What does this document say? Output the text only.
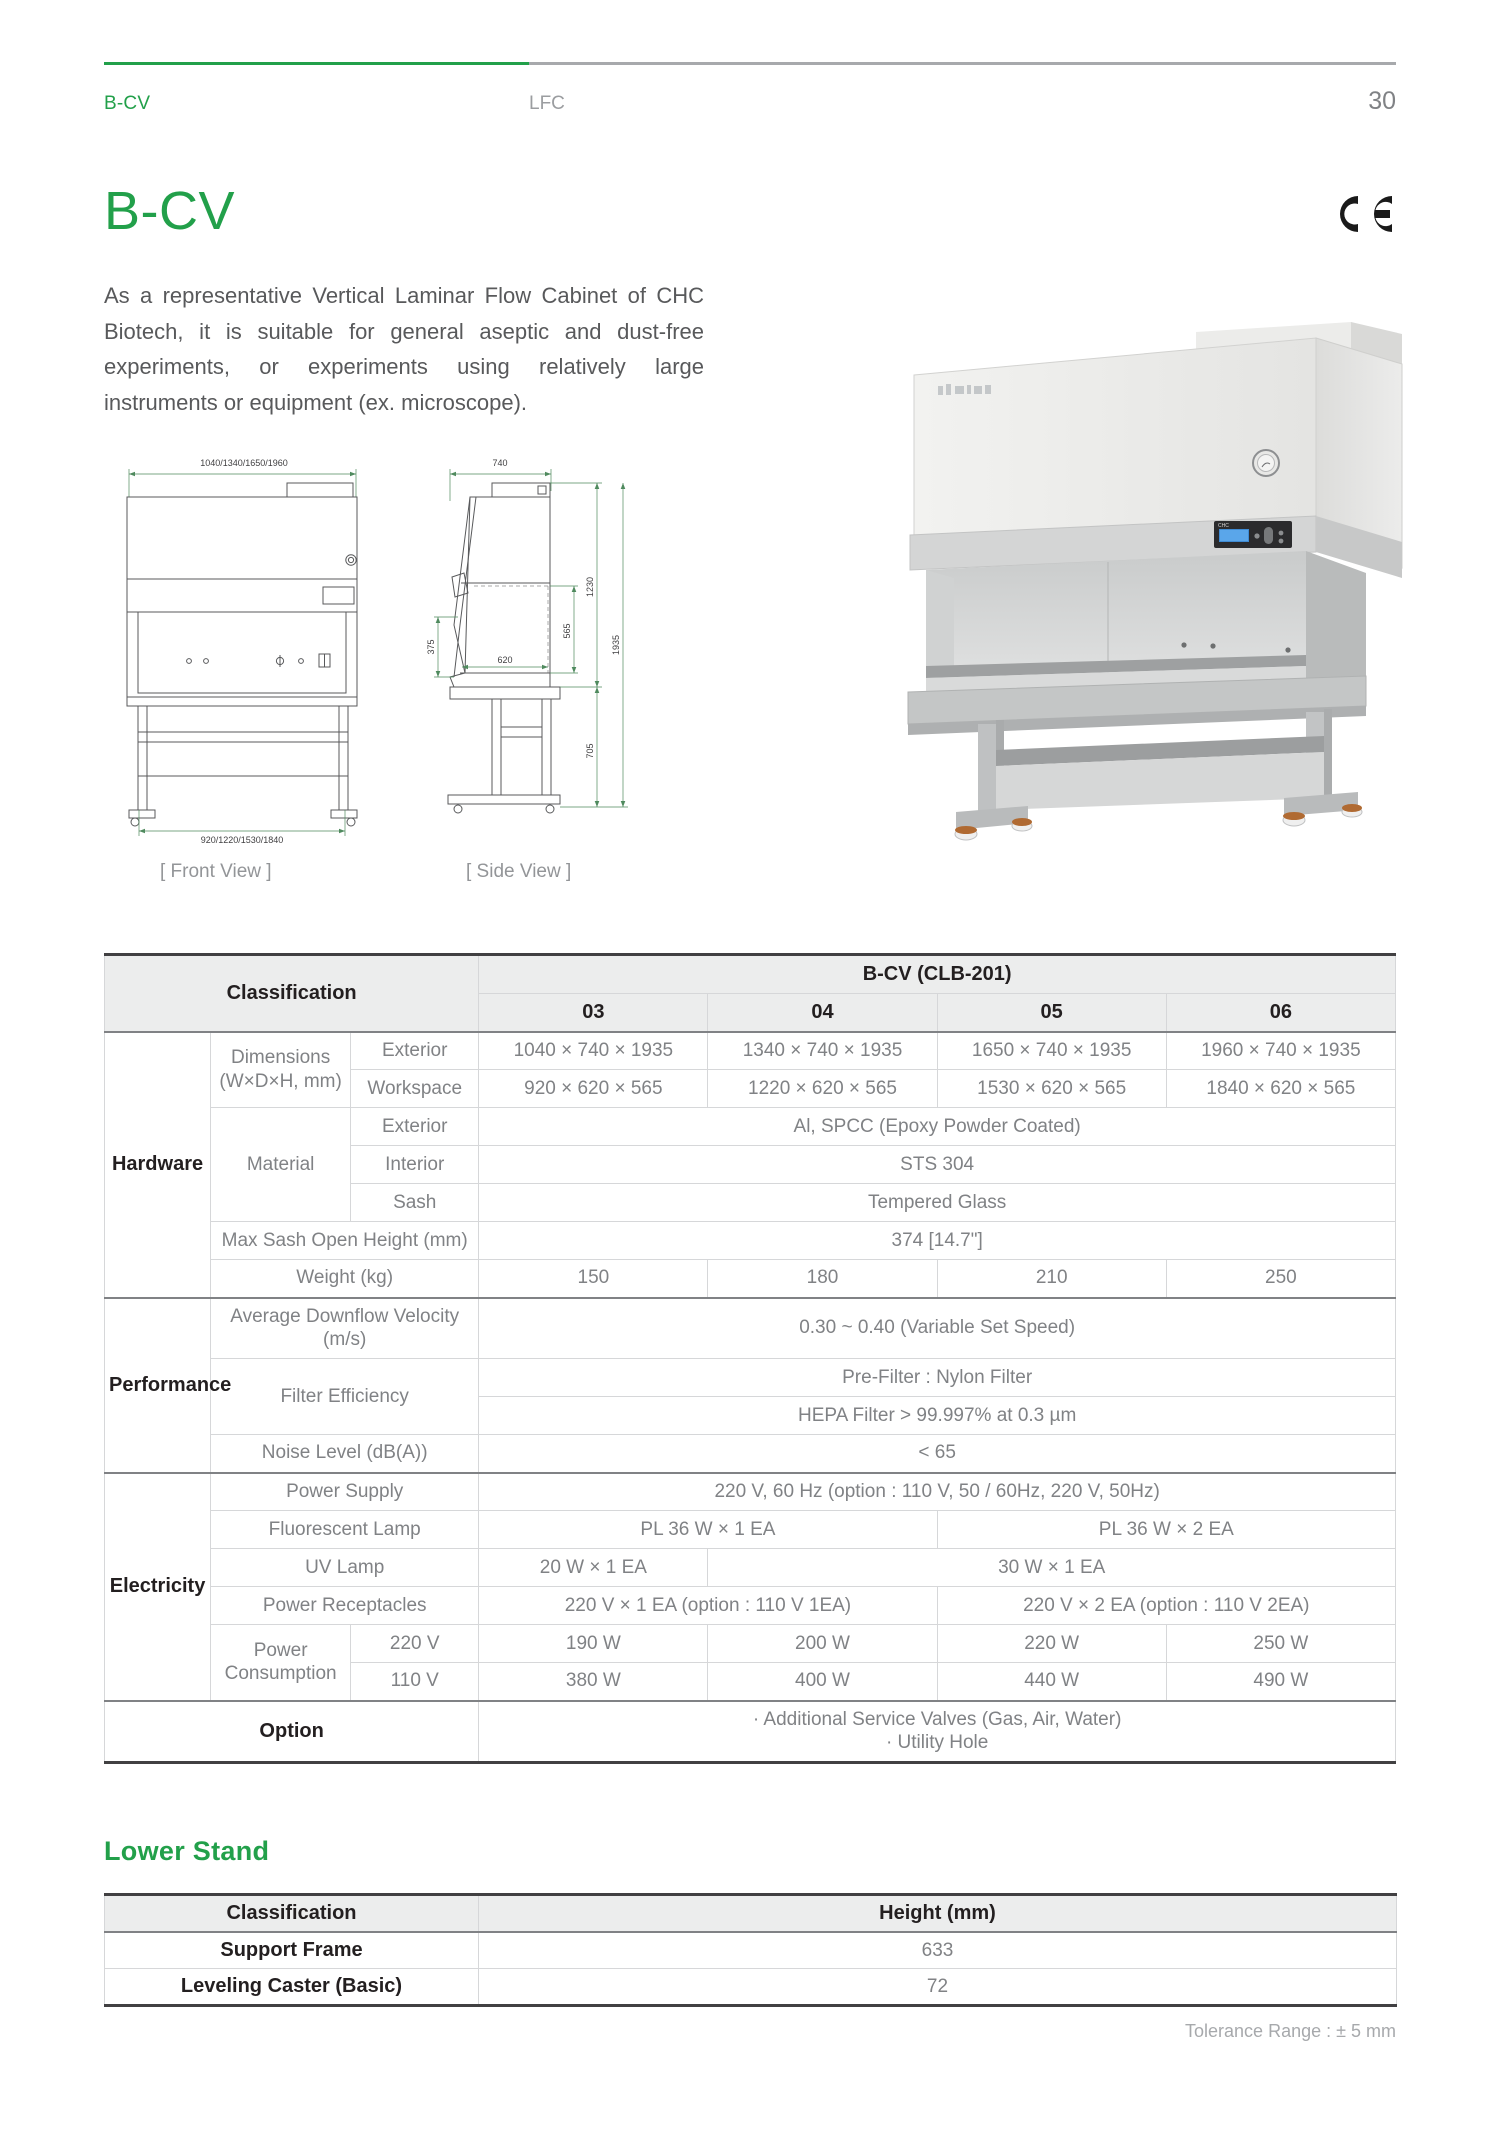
B-CV	LFC	30
B-CV

As a representative Vertical Laminar Flow Cabinet of CHC Biotech, it is suitable for general aseptic and dust-free experiments, or experiments using relatively large instruments or equipment (ex. microscope).

1040/1340/1650/1960
920/1220/1530/1840
740
620
375
565
1230
705
1935
[ Front View ]	[ Side View ]
CHC
Classification			B-CV (CLB-201)			
			03	04	05	06
Hardware	Dimensions
(W×D×H, mm)	Exterior	1040 × 740 × 1935	1340 × 740 × 1935	1650 × 740 × 1935	1960 × 740 × 1935
		Workspace	920 × 620 × 565	1220 × 620 × 565	1530 × 620 × 565	1840 × 620 × 565
	Material	Exterior	Al, SPCC (Epoxy Powder Coated)			
		Interior	STS 304			
		Sash	Tempered Glass			
	Max Sash Open Height (mm)		374 [14.7"]			
	Weight (kg)		150	180	210	250
Performance	Average Downflow Velocity (m/s)		0.30 ~ 0.40 (Variable Set Speed)			
	Filter Efficiency		Pre-Filter : Nylon Filter			
			HEPA Filter > 99.997% at 0.3 µm			
	Noise Level (dB(A))		< 65			
Electricity	Power Supply		220 V, 60 Hz (option : 110 V, 50 / 60Hz, 220 V, 50Hz)			
	Fluorescent Lamp		PL 36 W × 1 EA		PL 36 W × 2 EA	
	UV Lamp		20 W × 1 EA	30 W × 1 EA		
	Power Receptacles		220 V × 1 EA (option : 110 V 1EA)		220 V × 2 EA (option : 110 V 2EA)	
	Power
Consumption	220 V	190 W	200 W	220 W	250 W
		110 V	380 W	400 W	440 W	490 W
Option			· Additional Service Valves (Gas, Air, Water)
· Utility Hole			
Lower Stand
Classification	Height (mm)
Support Frame	633
Leveling Caster (Basic)	72
Tolerance Range : ± 5 mm
